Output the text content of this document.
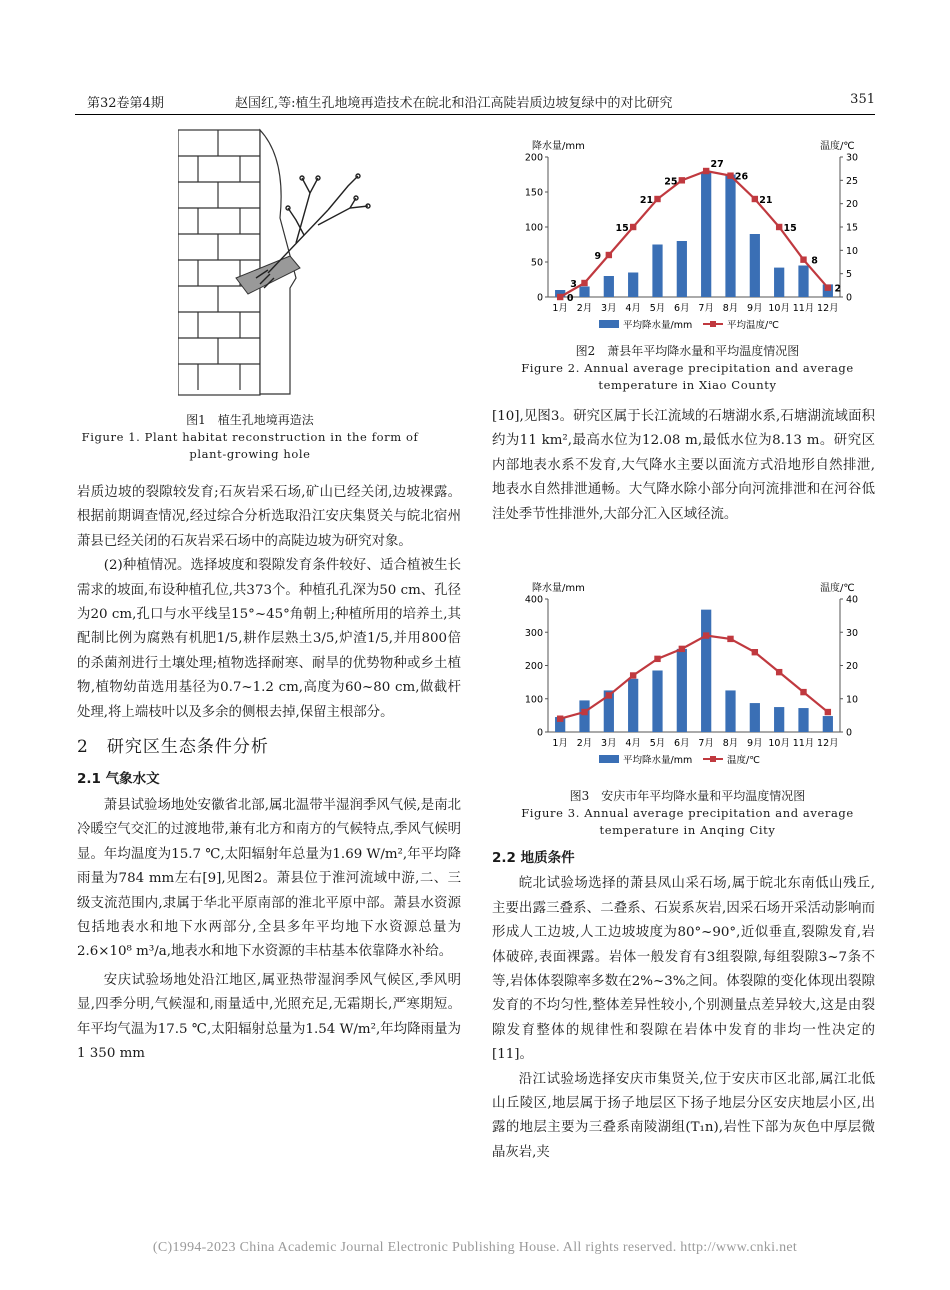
第32卷第4期	赵国红,等:植生孔地境再造技术在皖北和沿江高陡岩质边坡复绿中的对比研究	351
图1　植生孔地境再造法
Figure 1. Plant habitat reconstruction in the form of
plant-growing hole
降水量/mm	温度/℃
0
50
100
150
200
0
5
10
15
20
25
30
1月 2月 3月 4月 5月 6月 7月 8月 9月 10月 11月 12月
0
3
9
15
21
25
27
26
21
15
8
2
平均降水量/mm	平均温度/℃
图2　萧县年平均降水量和平均温度情况图
Figure 2. Annual average precipitation and average
temperature in Xiao County
降水量/mm	温度/℃
0
100
200
300
400
0
10
20
30
40
1月 2月 3月 4月 5月 6月 7月 8月 9月 10月 11月 12月
平均降水量/mm	温度/℃
图3　安庆市年平均降水量和平均温度情况图
Figure 3. Annual average precipitation and average
temperature in Anqing City

岩质边坡的裂隙较发育;石灰岩采石场,矿山已经关闭,边坡裸露。根据前期调查情况,经过综合分析选取沿江安庆集贤关与皖北宿州萧县已经关闭的石灰岩采石场中的高陡边坡为研究对象。

(2)种植情况。选择坡度和裂隙发育条件较好、适合植被生长需求的坡面,布设种植孔位,共373个。种植孔孔深为50 cm、孔径为20 cm,孔口与水平线呈15°~45°角朝上;种植所用的培养土,其配制比例为腐熟有机肥1/5,耕作层熟土3/5,炉渣1/5,并用800倍的杀菌剂进行土壤处理;植物选择耐寒、耐旱的优势物种或乡土植物,植物幼苗选用基径为0.7~1.2 cm,高度为60~80 cm,做截杆处理,将上端枝叶以及多余的侧根去掉,保留主根部分。

2　研究区生态条件分析
2.1 气象水文

萧县试验场地处安徽省北部,属北温带半湿润季风气候,是南北冷暖空气交汇的过渡地带,兼有北方和南方的气候特点,季风气候明显。年均温度为15.7 ℃,太阳辐射年总量为1.69 W/m²,年平均降雨量为784 mm左右[9],见图2。萧县位于淮河流域中游,二、三级支流范围内,隶属于华北平原南部的淮北平原中部。萧县水资源包括地表水和地下水两部分,全县多年平均地下水资源总量为2.6×10⁸ m³/a,地表水和地下水资源的丰枯基本依靠降水补给。

安庆试验场地处沿江地区,属亚热带湿润季风气候区,季风明显,四季分明,气候湿和,雨量适中,光照充足,无霜期长,严寒期短。年平均气温为17.5 ℃,太阳辐射总量为1.54 W/m²,年均降雨量为1 350 mm

[10],见图3。研究区属于长江流域的石塘湖水系,石塘湖流域面积约为11 km²,最高水位为12.08 m,最低水位为8.13 m。研究区内部地表水系不发育,大气降水主要以面流方式沿地形自然排泄,地表水自然排泄通畅。大气降水除小部分向河流排泄和在河谷低洼处季节性排泄外,大部分汇入区域径流。

2.2 地质条件

皖北试验场选择的萧县凤山采石场,属于皖北东南低山残丘,主要出露三叠系、二叠系、石炭系灰岩,因采石场开采活动影响而形成人工边坡,人工边坡坡度为80°~90°,近似垂直,裂隙发育,岩体破碎,表面裸露。岩体一般发育有3组裂隙,每组裂隙3~7条不等,岩体体裂隙率多数在2%~3%之间。体裂隙的变化体现出裂隙发育的不均匀性,整体差异性较小,个别测量点差异较大,这是由裂隙发育整体的规律性和裂隙在岩体中发育的非均一性决定的[11]。

沿江试验场选择安庆市集贤关,位于安庆市区北部,属江北低山丘陵区,地层属于扬子地层区下扬子地层分区安庆地层小区,出露的地层主要为三叠系南陵湖组(T₁n),岩性下部为灰色中厚层微晶灰岩,夹

(C)1994-2023 China Academic Journal Electronic Publishing House. All rights reserved. http://www.cnki.net
